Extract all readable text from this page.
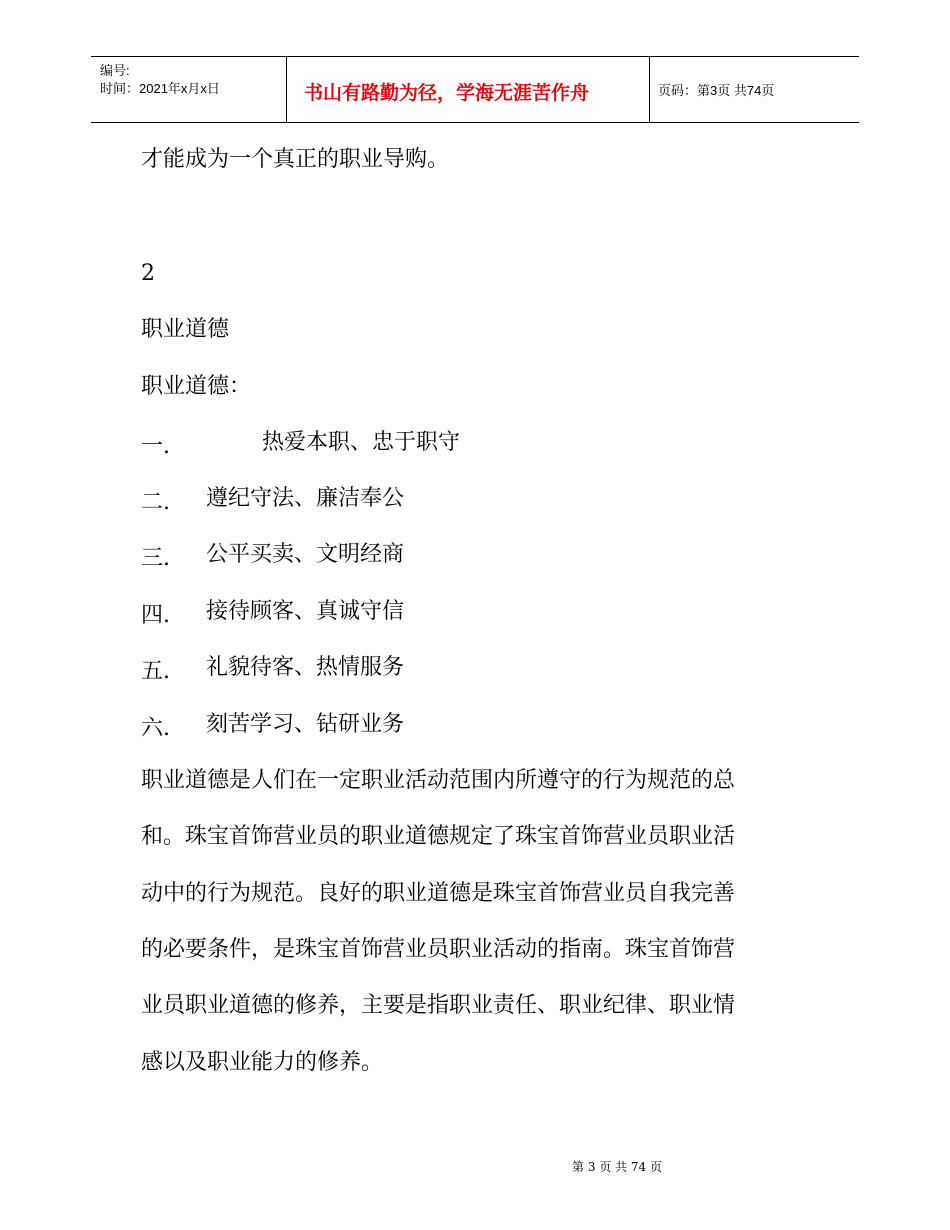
编号:
时间：2021年x月x日	书山有路勤为径，学海无涯苦作舟	页码：第3页 共74页
才能成为一个真正的职业导购。
2
职业道德
职业道德：
一.	热爱本职、忠于职守
二. 遵纪守法、廉洁奉公
三. 公平买卖、文明经商
四. 接待顾客、真诚守信
五. 礼貌待客、热情服务
六. 刻苦学习、钻研业务
职业道德是人们在一定职业活动范围内所遵守的行为规范的总
和。珠宝首饰营业员的职业道德规定了珠宝首饰营业员职业活
动中的行为规范。良好的职业道德是珠宝首饰营业员自我完善
的必要条件，是珠宝首饰营业员职业活动的指南。珠宝首饰营
业员职业道德的修养，主要是指职业责任、职业纪律、职业情
感以及职业能力的修养。
第 3 页 共 74 页
